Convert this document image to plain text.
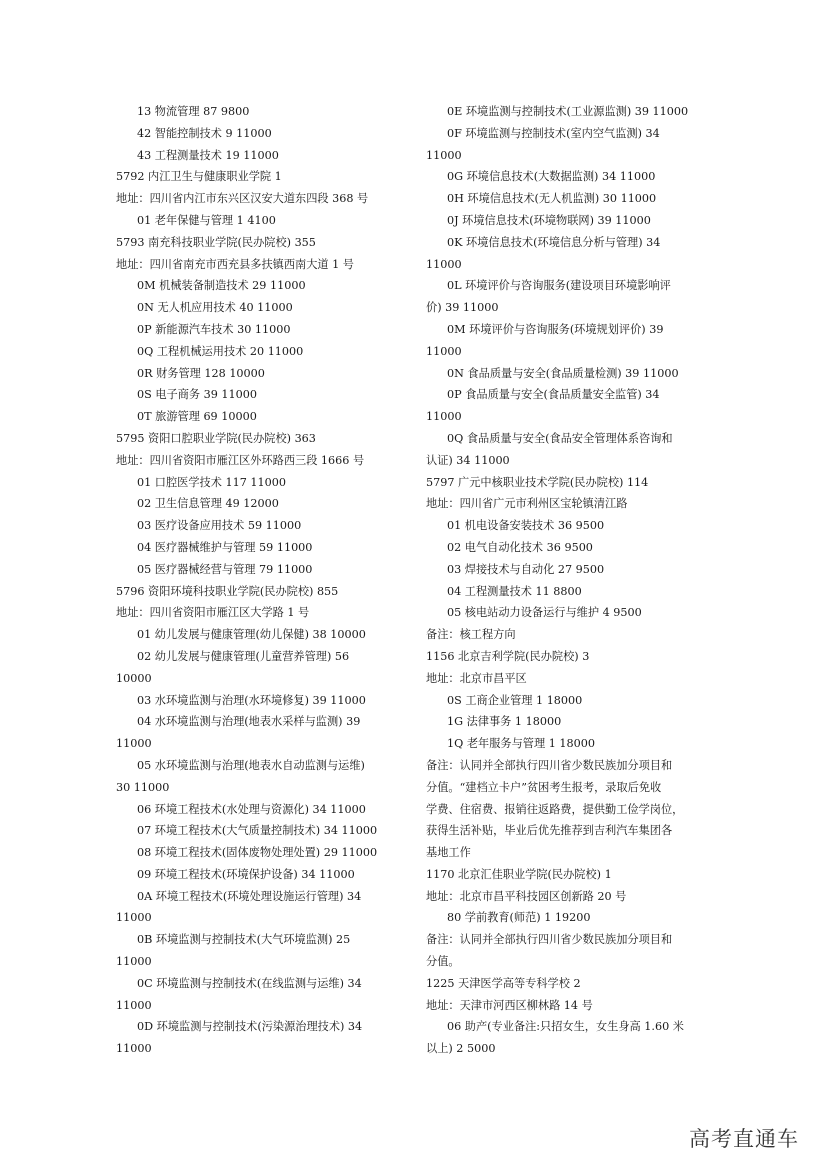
13 物流管理 87 9800

42 智能控制技术 9 11000

43 工程测量技术 19 11000

5792 内江卫生与健康职业学院 1

地址：四川省内江市东兴区汉安大道东四段 368 号

01 老年保健与管理 1 4100

5793 南充科技职业学院(民办院校) 355

地址：四川省南充市西充县多扶镇西南大道 1 号

0M 机械装备制造技术 29 11000

0N 无人机应用技术 40 11000

0P 新能源汽车技术 30 11000

0Q 工程机械运用技术 20 11000

0R 财务管理 128 10000

0S 电子商务 39 11000

0T 旅游管理 69 10000

5795 资阳口腔职业学院(民办院校) 363

地址：四川省资阳市雁江区外环路西三段 1666 号

01 口腔医学技术 117 11000

02 卫生信息管理 49 12000

03 医疗设备应用技术 59 11000

04 医疗器械维护与管理 59 11000

05 医疗器械经营与管理 79 11000

5796 资阳环境科技职业学院(民办院校) 855

地址：四川省资阳市雁江区大学路 1 号

01 幼儿发展与健康管理(幼儿保健) 38 10000

02 幼儿发展与健康管理(儿童营养管理) 56

10000

03 水环境监测与治理(水环境修复) 39 11000

04 水环境监测与治理(地表水采样与监测) 39

11000

05 水环境监测与治理(地表水自动监测与运维)

30 11000

06 环境工程技术(水处理与资源化) 34 11000

07 环境工程技术(大气质量控制技术) 34 11000

08 环境工程技术(固体废物处理处置) 29 11000

09 环境工程技术(环境保护设备) 34 11000

0A 环境工程技术(环境处理设施运行管理) 34

11000

0B 环境监测与控制技术(大气环境监测) 25

11000

0C 环境监测与控制技术(在线监测与运维) 34

11000

0D 环境监测与控制技术(污染源治理技术) 34

11000

0E 环境监测与控制技术(工业源监测) 39 11000

0F 环境监测与控制技术(室内空气监测) 34

11000

0G 环境信息技术(大数据监测) 34 11000

0H 环境信息技术(无人机监测) 30 11000

0J 环境信息技术(环境物联网) 39 11000

0K 环境信息技术(环境信息分析与管理) 34

11000

0L 环境评价与咨询服务(建设项目环境影响评

价) 39 11000

0M 环境评价与咨询服务(环境规划评价) 39

11000

0N 食品质量与安全(食品质量检测) 39 11000

0P 食品质量与安全(食品质量安全监管) 34

11000

0Q 食品质量与安全(食品安全管理体系咨询和

认证) 34 11000

5797 广元中核职业技术学院(民办院校) 114

地址：四川省广元市利州区宝轮镇清江路

01 机电设备安装技术 36 9500

02 电气自动化技术 36 9500

03 焊接技术与自动化 27 9500

04 工程测量技术 11 8800

05 核电站动力设备运行与维护 4 9500

备注：核工程方向

1156 北京吉利学院(民办院校) 3

地址：北京市昌平区

0S 工商企业管理 1 18000

1G 法律事务 1 18000

1Q 老年服务与管理 1 18000

备注：认同并全部执行四川省少数民族加分项目和

分值。“建档立卡户”贫困考生报考，录取后免收

学费、住宿费、报销往返路费，提供勤工俭学岗位，

获得生活补贴，毕业后优先推荐到吉利汽车集团各

基地工作

1170 北京汇佳职业学院(民办院校) 1

地址：北京市昌平科技园区创新路 20 号

80 学前教育(师范) 1 19200

备注：认同并全部执行四川省少数民族加分项目和

分值。

1225 天津医学高等专科学校 2

地址：天津市河西区柳林路 14 号

06 助产(专业备注:只招女生，女生身高 1.60 米

以上) 2 5000

高考直通车
